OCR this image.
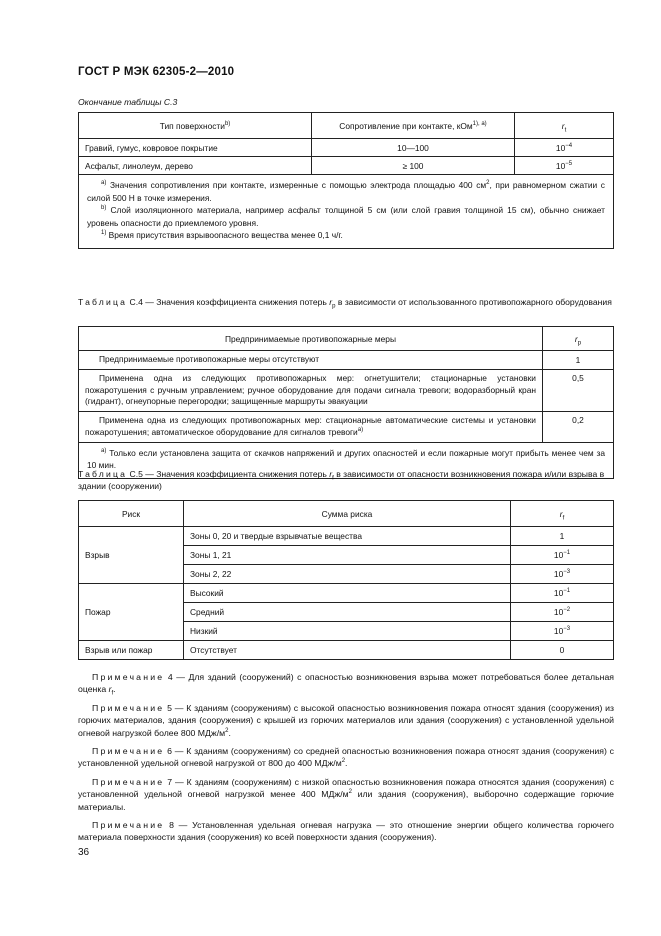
ГОСТ Р МЭК 62305-2—2010
Окончание таблицы С.3
Тип поверхности$^{b)}$	Сопротивление при контакте, кОм$^{1), a)}$	$r_t$
Гравий, гумус, ковровое покрытие	10—100	$10^{-4}$
Асфальт, линолеум, дерево	≥ 100	$10^{-5}$

$^{a)}$ Значения сопротивления при контакте, измеренные с помощью электрода площадью 400 $см^2$, при равномерном сжатии с силой 500 Н в точке измерения.
$^{b)}$ Слой изоляционного материала, например асфальт толщиной 5 см (или слой гравия толщиной 15 см), обычно снижает уровень опасности до приемлемого уровня.
$^{1)}$ Время присутствия взрывоопасного вещества менее 0,1 ч/г.		
Таблица С.4 — Значения коэффициента снижения потерь $r_p$ в зависимости от использованного противопожарного оборудования
Предпринимаемые противопожарные меры	$r_p$
Предпринимаемые противопожарные меры отсутствуют	1
Применена одна из следующих противопожарных мер: огнетушители; стационарные установки пожаротушения с ручным управлением; ручное оборудование для подачи сигнала тревоги; водоразборный кран (гидрант), огнеупорные перегородки; защищенные маршруты эвакуации	0,5
Применена одна из следующих противопожарных мер: стационарные автоматические системы и установки пожаротушения; автоматическое оборудование для сигналов тревоги$^{a)}$	0,2

$^{a)}$ Только если установлена защита от скачков напряжений и других опасностей и если пожарные могут прибыть менее чем за 10 мин.	
Таблица С.5 — Значения коэффициента снижения потерь $r_f$ в зависимости от опасности возникновения пожара и/или взрыва в здании (сооружении)
Риск	Сумма риска	$r_f$
Взрыв	Зоны 0, 20 и твердые взрывчатые вещества	1
	Зоны 1, 21	$10^{-1}$
	Зоны 2, 22	$10^{-3}$
Пожар	Высокий	$10^{-1}$
	Средний	$10^{-2}$
	Низкий	$10^{-3}$
Взрыв или пожар	Отсутствует	0

Примечание 4 — Для зданий (сооружений) с опасностью возникновения взрыва может потребоваться более детальная оценка $r_f$.

Примечание 5 — К зданиям (сооружениям) с высокой опасностью возникновения пожара относят здания (сооружения) из горючих материалов, здания (сооружения) с крышей из горючих материалов или здания (сооружения) с установленной удельной огневой нагрузкой более 800 МДж/$м^2$.

Примечание 6 — К зданиям (сооружениям) со средней опасностью возникновения пожара относят здания (сооружения) с установленной удельной огневой нагрузкой от 800 до 400 МДж/$м^2$.

Примечание 7 — К зданиям (сооружениям) с низкой опасностью возникновения пожара относятся здания (сооружения) с установленной удельной огневой нагрузкой менее 400 МДж/$м^2$ или здания (сооружения), выборочно содержащие горючие материалы.

Примечание 8 — Установленная удельная огневая нагрузка — это отношение энергии общего количества горючего материала поверхности здания (сооружения) ко всей поверхности здания (сооружения).

36
